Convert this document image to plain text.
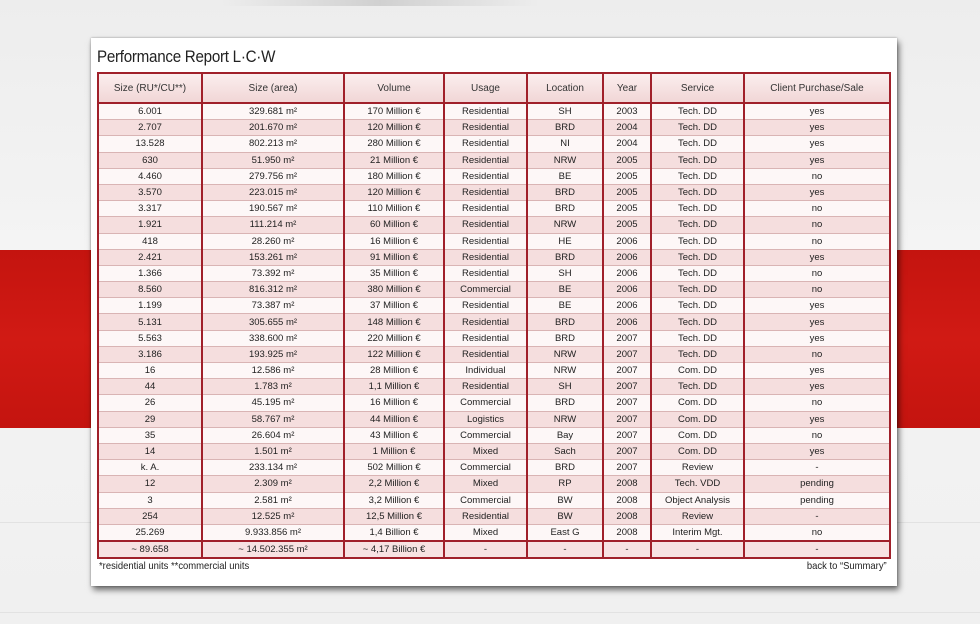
Performance Report L·C·W
Size (RU*/CU**)	Size (area)	Volume	Usage	Location	Year	Service	Client Purchase/Sale
6.001	329.681 m²	170 Million €	Residential	SH	2003	Tech. DD	yes
2.707	201.670 m²	120 Million €	Residential	BRD	2004	Tech. DD	yes
13.528	802.213 m²	280 Million €	Residential	NI	2004	Tech. DD	yes
630	51.950 m²	21 Million €	Residential	NRW	2005	Tech. DD	yes
4.460	279.756 m²	180 Million €	Residential	BE	2005	Tech. DD	no
3.570	223.015 m²	120 Million €	Residential	BRD	2005	Tech. DD	yes
3.317	190.567 m²	110 Million €	Residential	BRD	2005	Tech. DD	no
1.921	111.214 m²	60 Million €	Residential	NRW	2005	Tech. DD	no
418	28.260 m²	16 Million €	Residential	HE	2006	Tech. DD	no
2.421	153.261 m²	91 Million €	Residential	BRD	2006	Tech. DD	yes
1.366	73.392 m²	35 Million €	Residential	SH	2006	Tech. DD	no
8.560	816.312 m²	380 Million €	Commercial	BE	2006	Tech. DD	no
1.199	73.387 m²	37 Million €	Residential	BE	2006	Tech. DD	yes
5.131	305.655 m²	148 Million €	Residential	BRD	2006	Tech. DD	yes
5.563	338.600 m²	220 Million €	Residential	BRD	2007	Tech. DD	yes
3.186	193.925 m²	122 Million €	Residential	NRW	2007	Tech. DD	no
16	12.586 m²	28 Million €	Individual	NRW	2007	Com. DD	yes
44	1.783 m²	1,1 Million €	Residential	SH	2007	Tech. DD	yes
26	45.195 m²	16 Million €	Commercial	BRD	2007	Com. DD	no
29	58.767 m²	44 Million €	Logistics	NRW	2007	Com. DD	yes
35	26.604 m²	43 Million €	Commercial	Bay	2007	Com. DD	no
14	1.501 m²	1 Million €	Mixed	Sach	2007	Com. DD	yes
k. A.	233.134 m²	502 Million €	Commercial	BRD	2007	Review	-
12	2.309 m²	2,2 Million €	Mixed	RP	2008	Tech. VDD	pending
3	2.581 m²	3,2 Million €	Commercial	BW	2008	Object Analysis	pending
254	12.525 m²	12,5 Million €	Residential	BW	2008	Review	-
25.269	9.933.856 m²	1,4 Billion €	Mixed	East G	2008	Interim Mgt.	no
~ 89.658	~ 14.502.355 m²	~ 4,17 Billion €	-	-	-	-	-
*residential units **commercial units	back to “Summary”
